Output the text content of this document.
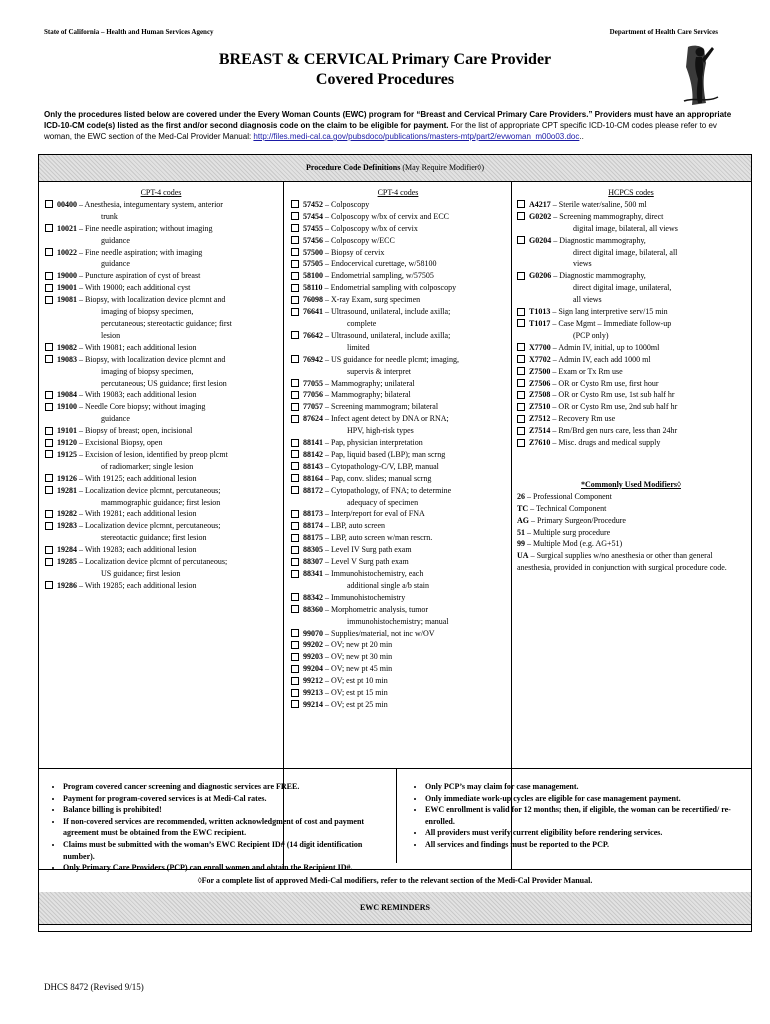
State of California – Health and Human Services Agency	Department of Health Care Services
BREAST & CERVICAL Primary Care Provider
Covered Procedures
Only the procedures listed below are covered under the Every Woman Counts (EWC) program for “Breast and Cervical Primary Care Providers.” Providers must have an appropriate ICD-10-CM code(s) listed as the first and/or second diagnosis code on the claim to be eligible for payment. For the list of appropriate CPT specific ICD-10-CM codes please refer to ev woman, the EWC section of the Med-Cal Provider Manual: http://files.medi-cal.ca.gov/pubsdoco/publications/masters-mtp/part2/evwoman_m00o03.doc..
Procedure Code Definitions (May Require Modifier◊)
CPT-4 codes
00400 – Anesthesia, integumentary system, anterior
trunk
10021 – Fine needle aspiration; without imaging
guidance
10022 – Fine needle aspiration; with imaging
guidance
19000 – Puncture aspiration of cyst of breast
19001 – With 19000; each additional cyst
19081 – Biopsy, with localization device plcmnt and
imaging of biopsy specimen,
percutaneous; stereotactic guidance; first
lesion
19082 – With 19081; each additional lesion
19083 – Biopsy, with localization device plcmnt and
imaging of biopsy specimen,
percutaneous; US guidance; first lesion
19084 – With 19083; each additional lesion
19100 – Needle Core biopsy; without imaging
guidance
19101 – Biopsy of breast; open, incisional
19120 – Excisional Biopsy, open
19125 – Excision of lesion, identified by preop plcmt
of radiomarker; single lesion
19126 – With 19125; each additional lesion
19281 – Localization device plcmnt, percutaneous;
mammographic guidance; first lesion
19282 – With 19281; each additional lesion
19283 – Localization device plcmnt, percutaneous;
stereotactic guidance; first lesion
19284 – With 19283; each additional lesion
19285 – Localization device plcmnt of percutaneous;
US guidance; first lesion
19286 – With 19285; each additional lesion
CPT-4 codes
57452 – Colposcopy
57454 – Colposcopy w/bx of cervix and ECC
57455 – Colposcopy w/bx of cervix
57456 – Colposcopy w/ECC
57500 – Biopsy of cervix
57505 – Endocervical curettage, w/58100
58100 – Endometrial sampling, w/57505
58110 – Endometrial sampling with colposcopy
76098 – X-ray Exam, surg specimen
76641 – Ultrasound, unilateral, include axilla;
complete
76642 – Ultrasound, unilateral, include axilla;
limited
76942 – US guidance for needle plcmt; imaging,
supervis & interpret
77055 – Mammography; unilateral
77056 – Mammography; bilateral
77057 – Screening mammogram; bilateral
87624 – Infect agent detect by DNA or RNA;
HPV, high-risk types
88141 – Pap, physician interpretation
88142 – Pap, liquid based (LBP); man scrng
88143 – Cytopathology-C/V, LBP, manual
88164 – Pap, conv. slides; manual scrng
88172 – Cytopathology, of FNA; to determine
adequacy of specimen
88173 – Interp/report for eval of FNA
88174 – LBP, auto screen
88175 – LBP, auto screen w/man rescrn.
88305 – Level IV Surg path exam
88307 – Level V Surg path exam
88341 – Immunohistochemistry, each
additional single a/b stain
88342 – Immunohistochemistry
88360 – Morphometric analysis, tumor
immunohistochemistry; manual
99070 – Supplies/material, not inc w/OV
99202 – OV; new pt 20 min
99203 – OV; new pt 30 min
99204 – OV; new pt 45 min
99212 – OV; est pt 10 min
99213 – OV; est pt 15 min
99214 – OV; est pt 25 min
HCPCS codes
A4217 – Sterile water/saline, 500 ml
G0202 – Screening mammography, direct
digital image, bilateral, all views
G0204 – Diagnostic mammography,
direct digital image, bilateral, all
views
G0206 – Diagnostic mammography,
direct digital image, unilateral,
all views
T1013 – Sign lang interpretive serv/15 min
T1017 – Case Mgmt – Immediate follow-up
(PCP only)
X7700 – Admin IV, initial, up to 1000ml
X7702 – Admin IV, each add 1000 ml
Z7500 – Exam or Tx Rm use
Z7506 – OR or Cysto Rm use, first hour
Z7508 – OR or Cysto Rm use, 1st sub half hr
Z7510 – OR or Cysto Rm use, 2nd sub half hr
Z7512 – Recovery Rm use
Z7514 – Rm/Brd gen nurs care, less than 24hr
Z7610 – Misc. drugs and medical supply
*Commonly Used Modifiers◊
26 – Professional Component
TC – Technical Component
AG – Primary Surgeon/Procedure
51 – Multiple surg procedure
99 – Multiple Mod (e.g. AG+51)
UA – Surgical supplies w/no anesthesia or other than general anesthesia, provided in conjunction with surgical procedure code.
◊For a complete list of approved Medi-Cal modifiers, refer to the relevant section of the Medi-Cal Provider Manual.
EWC REMINDERS
• Program covered cancer screening and diagnostic services are FREE.
• Payment for program-covered services is at Medi-Cal rates.
• Balance billing is prohibited!
• If non-covered services are recommended, written acknowledgment of cost and payment agreement must be obtained from the EWC recipient.
• Claims must be submitted with the woman’s EWC Recipient ID# (14 digit identification number).
• Only Primary Care Providers (PCP) can enroll women and obtain the Recipient ID#.
• Only PCP’s may claim for case management.
• Only immediate work-up cycles are eligible for case management payment.
• EWC enrollment is valid for 12 months; then, if eligible, the woman can be recertified/ re-enrolled.
• All providers must verify current eligibility before rendering services.
• All services and findings must be reported to the PCP.
DHCS 8472 (Revised 9/15)
